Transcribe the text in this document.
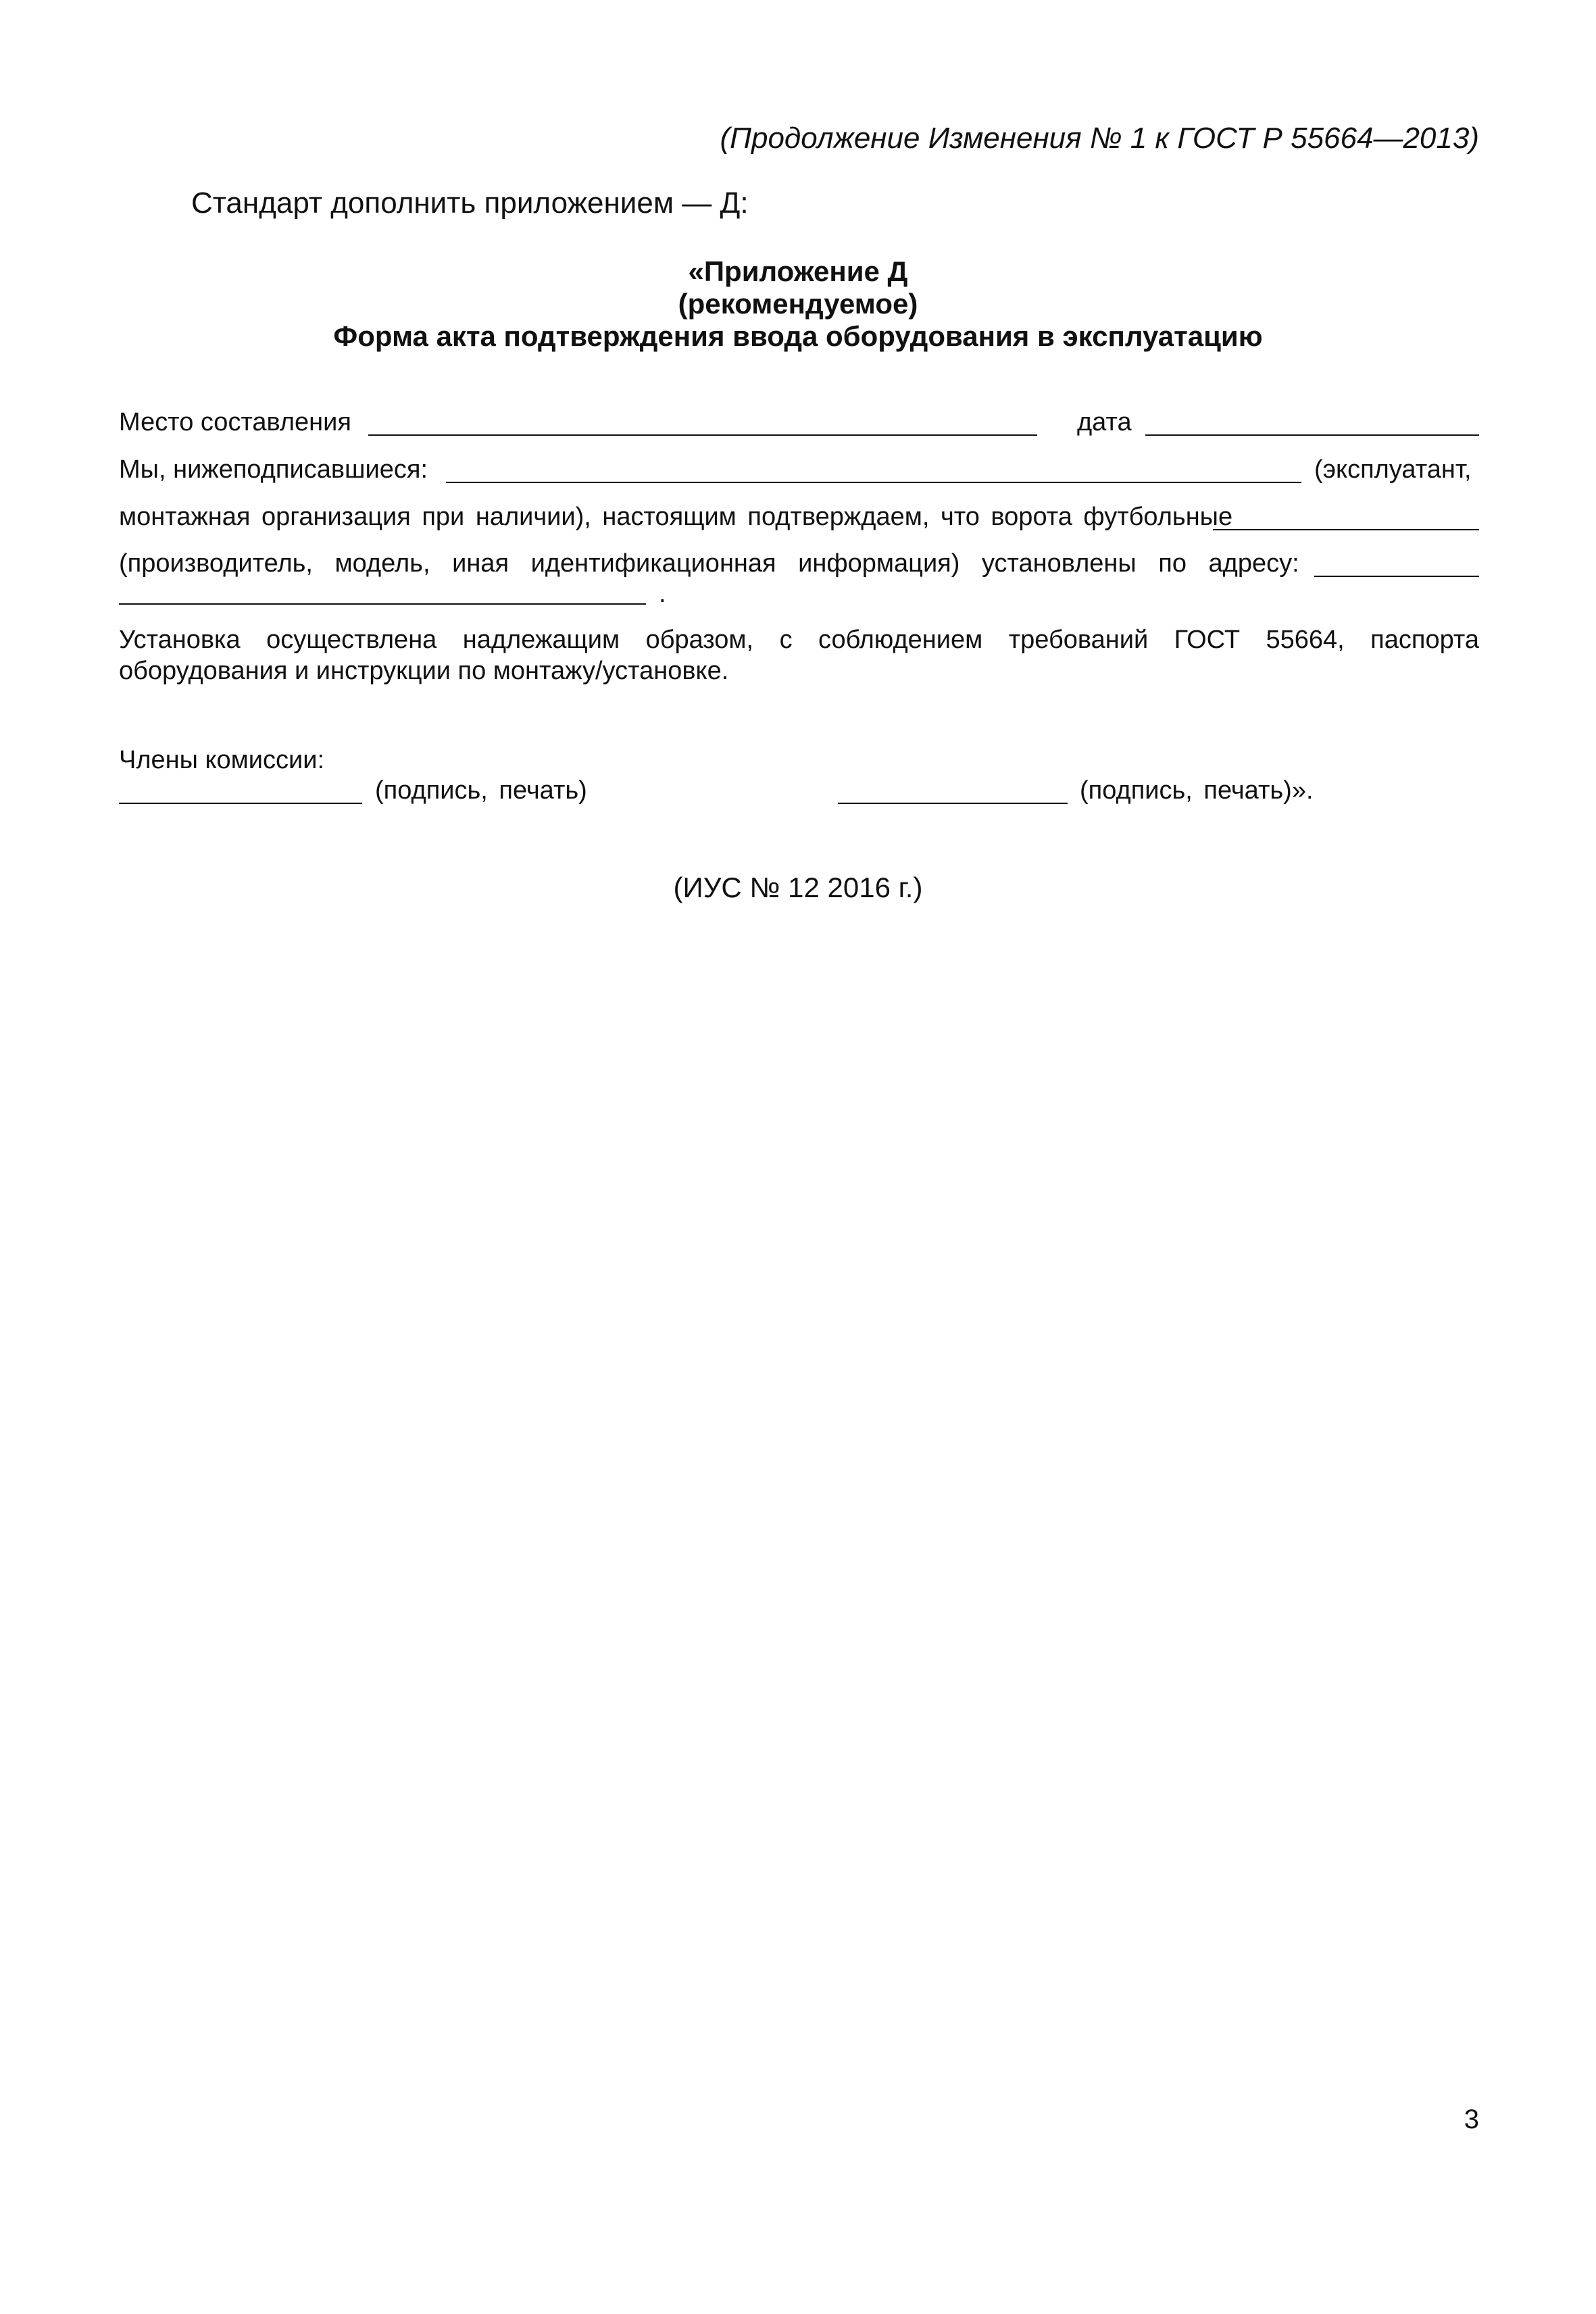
(Продолжение Изменения № 1 к ГОСТ Р 55664—2013)
Стандарт дополнить приложением — Д:
«Приложение Д
(рекомендуемое)
Форма акта подтверждения ввода оборудования в эксплуатацию
Место составления	дата
Мы, нижеподписавшиеся:	(эксплуатант,
монтажная организация при наличии), настоящим подтверждаем, что ворота футбольные
(производитель, модель, иная идентификационная информация) установлены по адресу:
.
Установка осуществлена надлежащим образом, с соблюдением требований ГОСТ 55664, паспорта оборудования и инструкции по монтажу/установке.
Члены комиссии:
(подпись, печать)	(подпись, печать)».
(ИУС № 12 2016 г.)
3
